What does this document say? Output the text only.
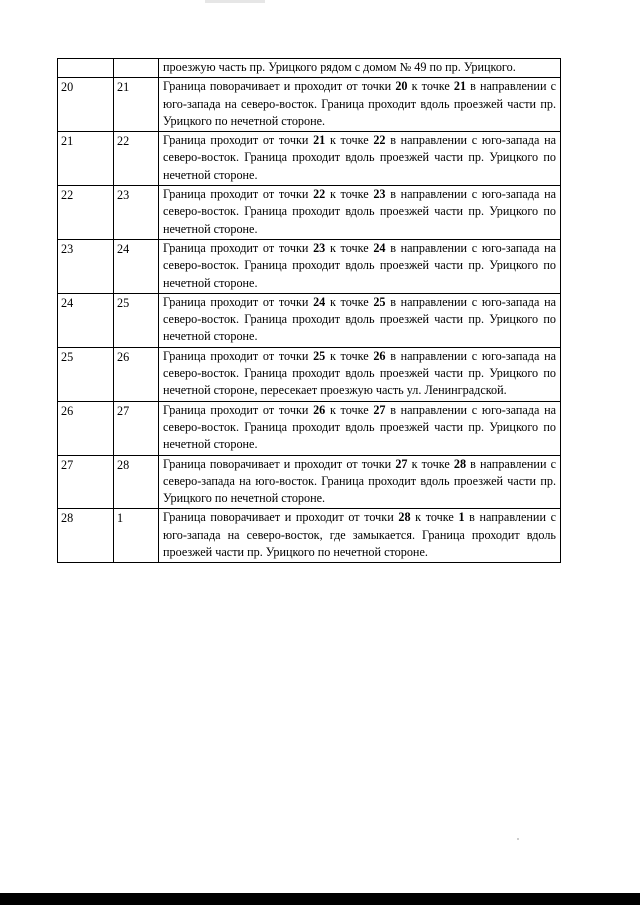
		проезжую часть пр. Урицкого рядом с домом № 49 по пр. Урицкого.
20	21	Граница поворачивает и проходит от точки 20 к точке 21 в направлении с юго-запада на северо-восток. Граница проходит вдоль проезжей части пр. Урицкого по нечетной стороне.
21	22	Граница проходит от точки 21 к точке 22 в направлении с юго-запада на северо-восток. Граница проходит вдоль проезжей части пр. Урицкого по нечетной стороне.
22	23	Граница проходит от точки 22 к точке 23 в направлении с юго-запада на северо-восток. Граница проходит вдоль проезжей части пр. Урицкого по нечетной стороне.
23	24	Граница проходит от точки 23 к точке 24 в направлении с юго-запада на северо-восток. Граница проходит вдоль проезжей части пр. Урицкого по нечетной стороне.
24	25	Граница проходит от точки 24 к точке 25 в направлении с юго-запада на северо-восток. Граница проходит вдоль проезжей части пр. Урицкого по нечетной стороне.
25	26	Граница проходит от точки 25 к точке 26 в направлении с юго-запада на северо-восток. Граница проходит вдоль проезжей части пр. Урицкого по нечетной стороне, пересекает проезжую часть ул. Ленинградской.
26	27	Граница проходит от точки 26 к точке 27 в направлении с юго-запада на северо-восток. Граница проходит вдоль проезжей части пр. Урицкого по нечетной стороне.
27	28	Граница поворачивает и проходит от точки 27 к точке 28 в направлении с северо-запада на юго-восток. Граница проходит вдоль проезжей части пр. Урицкого по нечетной стороне.
28	1	Граница поворачивает и проходит от точки 28 к точке 1 в направлении с юго-запада на северо-восток, где замыкается. Граница проходит вдоль проезжей части пр. Урицкого по нечетной стороне.
